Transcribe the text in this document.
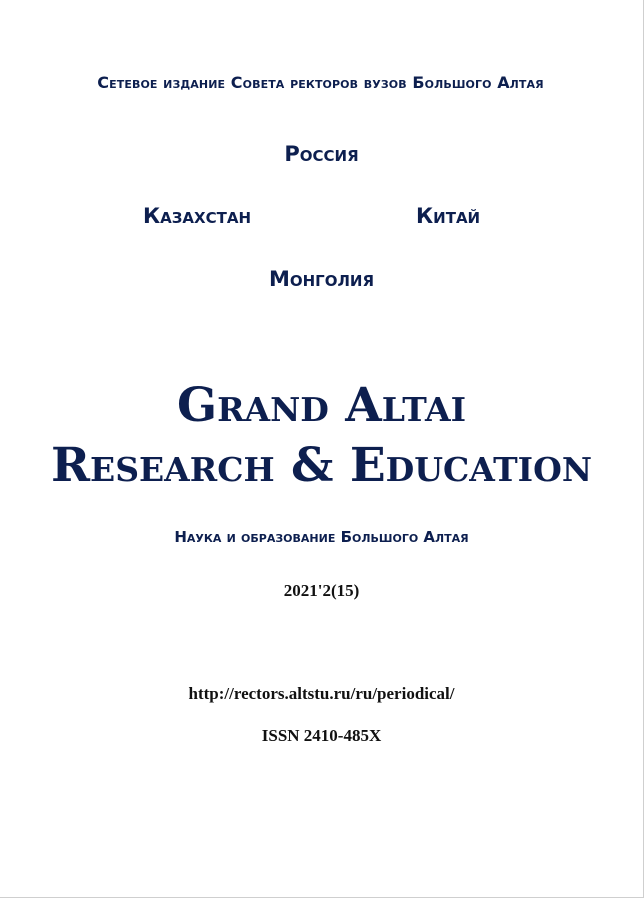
Сетевое издание Совета ректоров вузов Большого Алтая
Россия
Казахстан	Китай
Монголия
Grand Altai
Research & Education
Наука и образование Большого Алтая
2021'2(15)
http://rectors.altstu.ru/ru/periodical/
ISSN 2410-485X
